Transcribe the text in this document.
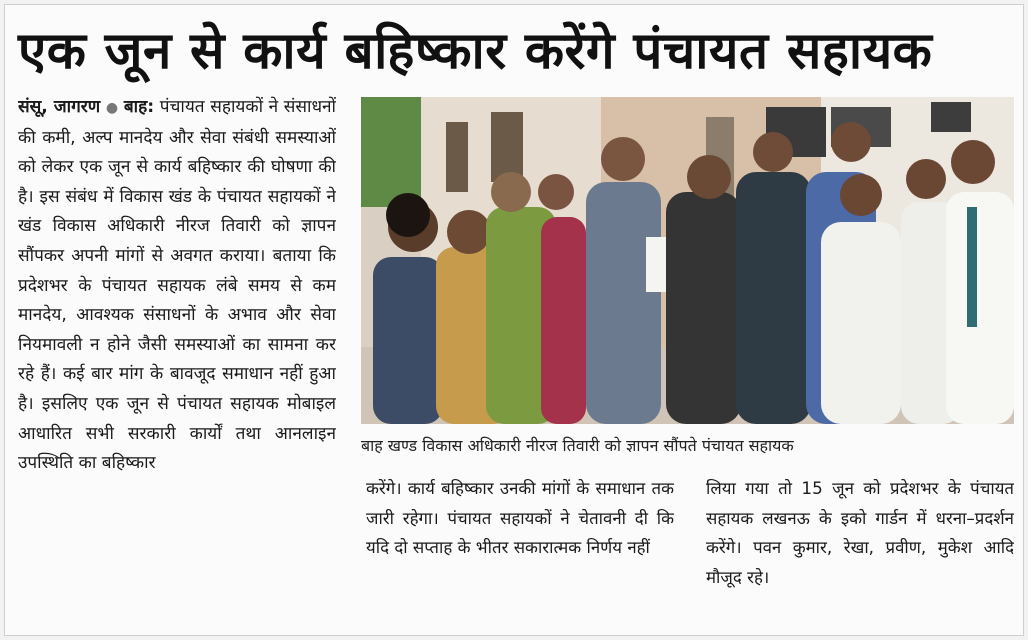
एक जून से कार्य बहिष्कार करेंगे पंचायत सहायक
संसू, जागरण ● बाह: पंचायत सहायकों ने संसाधनों की कमी, अल्प मानदेय और सेवा संबंधी समस्याओं को लेकर एक जून से कार्य बहिष्कार की घोषणा की है। इस संबंध में विकास खंड के पंचायत सहायकों ने खंड विकास अधिकारी नीरज तिवारी को ज्ञापन सौंपकर अपनी मांगों से अवगत कराया। बताया कि प्रदेशभर के पंचायत सहायक लंबे समय से कम मानदेय, आवश्यक संसाधनों के अभाव और सेवा नियमावली न होने जैसी समस्याओं का सामना कर रहे हैं। कई बार मांग के बावजूद समाधान नहीं हुआ है। इसलिए एक जून से पंचायत सहायक मोबाइल आधारित सभी सरकारी कार्यों तथा आनलाइन उपस्थिति का बहिष्कार
बाह खण्ड विकास अधिकारी नीरज तिवारी को ज्ञापन सौंपते पंचायत सहायक
करेंगे। कार्य बहिष्कार उनकी मांगों के समाधान तक जारी रहेगा। पंचायत सहायकों ने चेतावनी दी कि यदि दो सप्ताह के भीतर सकारात्मक निर्णय नहीं
लिया गया तो 15 जून को प्रदेशभर के पंचायत सहायक लखनऊ के इको गार्डन में धरना–प्रदर्शन करेंगे। पवन कुमार, रेखा, प्रवीण, मुकेश आदि मौजूद रहे।
